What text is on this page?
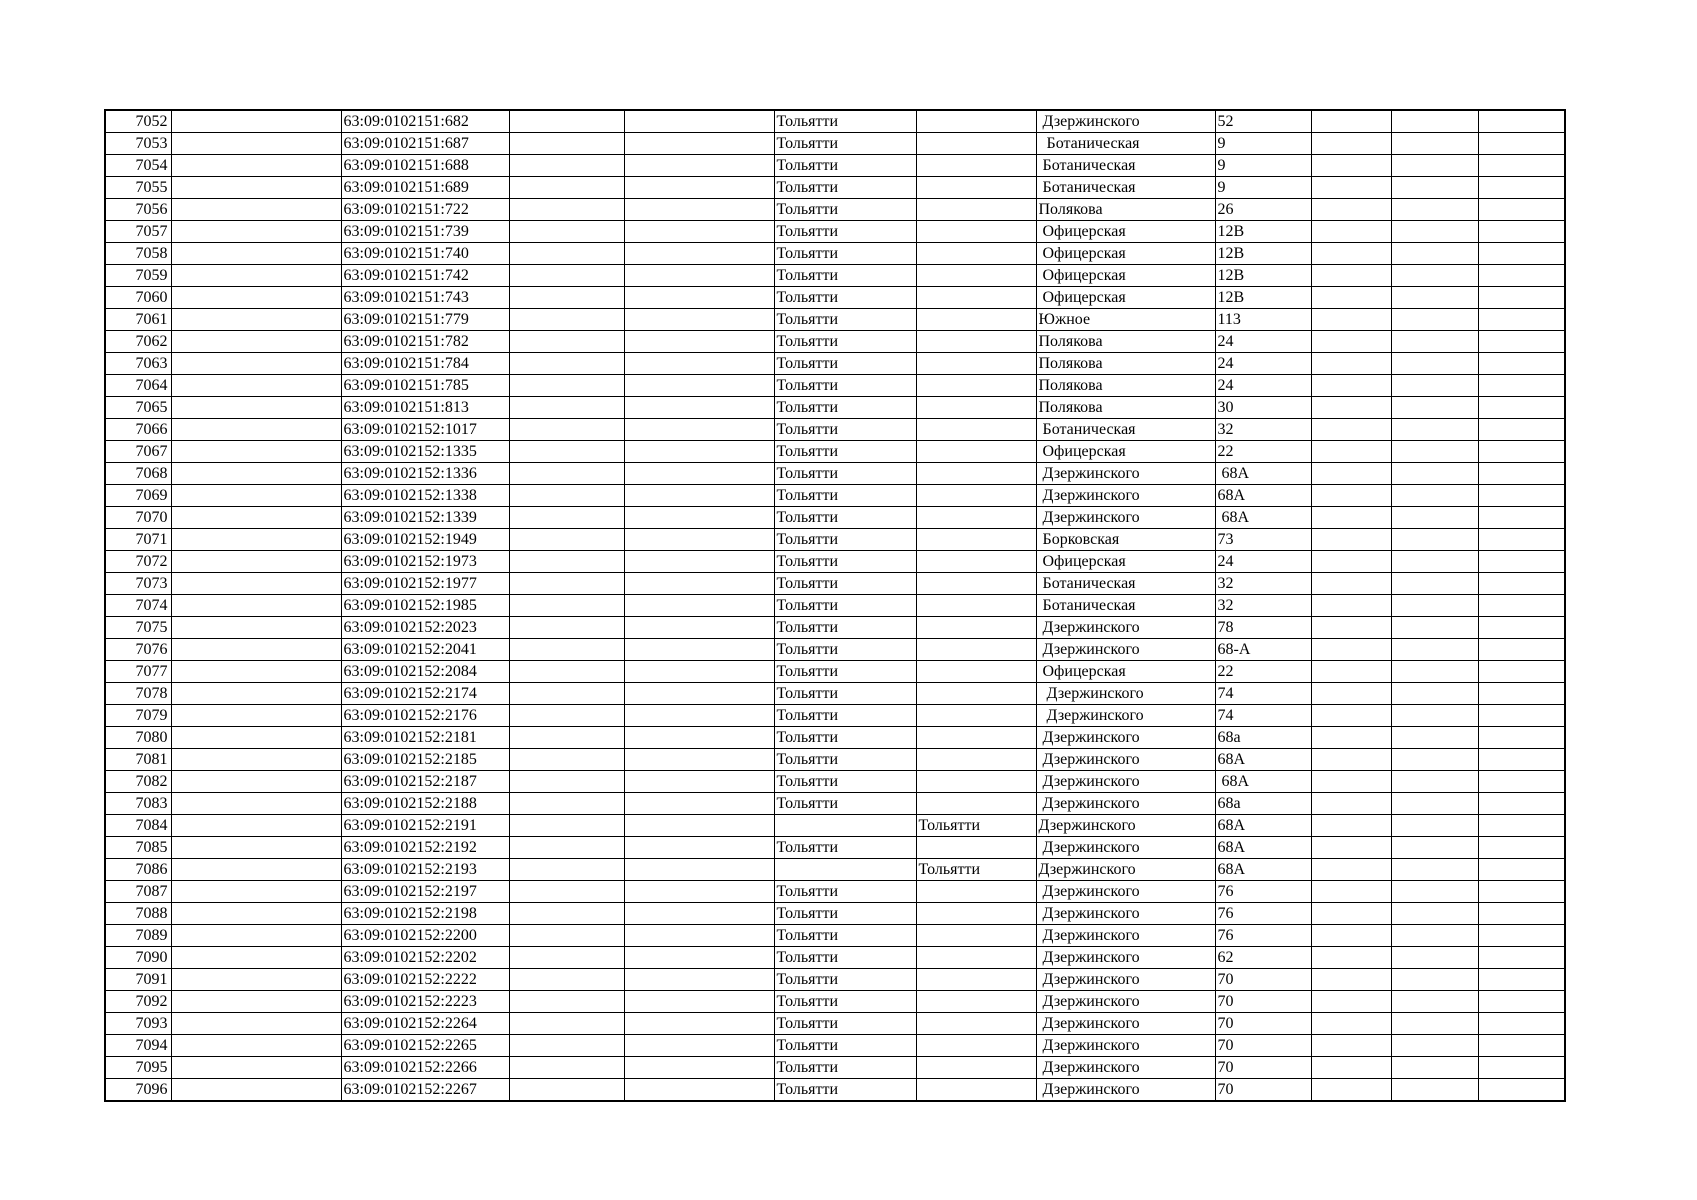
7052		63:09:0102151:682			Тольятти		Дзержинского	52			
7053		63:09:0102151:687			Тольятти		Ботаническая	9			
7054		63:09:0102151:688			Тольятти		Ботаническая	9			
7055		63:09:0102151:689			Тольятти		Ботаническая	9			
7056		63:09:0102151:722			Тольятти		Полякова	26			
7057		63:09:0102151:739			Тольятти		Офицерская	12В			
7058		63:09:0102151:740			Тольятти		Офицерская	12В			
7059		63:09:0102151:742			Тольятти		Офицерская	12В			
7060		63:09:0102151:743			Тольятти		Офицерская	12В			
7061		63:09:0102151:779			Тольятти		Южное	113			
7062		63:09:0102151:782			Тольятти		Полякова	24			
7063		63:09:0102151:784			Тольятти		Полякова	24			
7064		63:09:0102151:785			Тольятти		Полякова	24			
7065		63:09:0102151:813			Тольятти		Полякова	30			
7066		63:09:0102152:1017			Тольятти		Ботаническая	32			
7067		63:09:0102152:1335			Тольятти		Офицерская	22			
7068		63:09:0102152:1336			Тольятти		Дзержинского	68А			
7069		63:09:0102152:1338			Тольятти		Дзержинского	68А			
7070		63:09:0102152:1339			Тольятти		Дзержинского	68А			
7071		63:09:0102152:1949			Тольятти		Борковская	73			
7072		63:09:0102152:1973			Тольятти		Офицерская	24			
7073		63:09:0102152:1977			Тольятти		Ботаническая	32			
7074		63:09:0102152:1985			Тольятти		Ботаническая	32			
7075		63:09:0102152:2023			Тольятти		Дзержинского	78			
7076		63:09:0102152:2041			Тольятти		Дзержинского	68-А			
7077		63:09:0102152:2084			Тольятти		Офицерская	22			
7078		63:09:0102152:2174			Тольятти		Дзержинского	74			
7079		63:09:0102152:2176			Тольятти		Дзержинского	74			
7080		63:09:0102152:2181			Тольятти		Дзержинского	68а			
7081		63:09:0102152:2185			Тольятти		Дзержинского	68А			
7082		63:09:0102152:2187			Тольятти		Дзержинского	68А			
7083		63:09:0102152:2188			Тольятти		Дзержинского	68а			
7084		63:09:0102152:2191				Тольятти	Дзержинского	68А			
7085		63:09:0102152:2192			Тольятти		Дзержинского	68А			
7086		63:09:0102152:2193				Тольятти	Дзержинского	68А			
7087		63:09:0102152:2197			Тольятти		Дзержинского	76			
7088		63:09:0102152:2198			Тольятти		Дзержинского	76			
7089		63:09:0102152:2200			Тольятти		Дзержинского	76			
7090		63:09:0102152:2202			Тольятти		Дзержинского	62			
7091		63:09:0102152:2222			Тольятти		Дзержинского	70			
7092		63:09:0102152:2223			Тольятти		Дзержинского	70			
7093		63:09:0102152:2264			Тольятти		Дзержинского	70			
7094		63:09:0102152:2265			Тольятти		Дзержинского	70			
7095		63:09:0102152:2266			Тольятти		Дзержинского	70			
7096		63:09:0102152:2267			Тольятти		Дзержинского	70			
